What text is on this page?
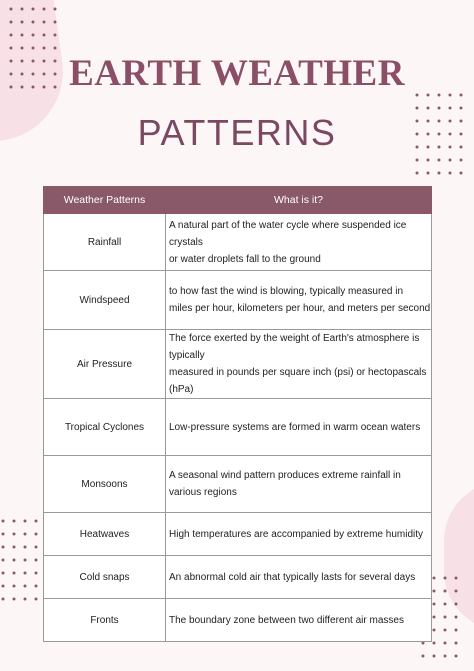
EARTH WEATHER
PATTERNS
Weather Patterns	What is it?
Rainfall	A natural part of the water cycle where suspended ice crystals
or water droplets fall to the ground

Windspeed	to how fast the wind is blowing, typically measured in
miles per hour, kilometers per hour, and meters per second

Air Pressure	The force exerted by the weight of Earth's atmosphere is typically
measured in pounds per square inch (psi) or hectopascals (hPa)

Tropical Cyclones	Low-pressure systems are formed in warm ocean waters

Monsoons	A seasonal wind pattern produces extreme rainfall in
various regions

Heatwaves	High temperatures are accompanied by extreme humidity

Cold snaps	An abnormal cold air that typically lasts for several days

Fronts	The boundary zone between two different air masses
